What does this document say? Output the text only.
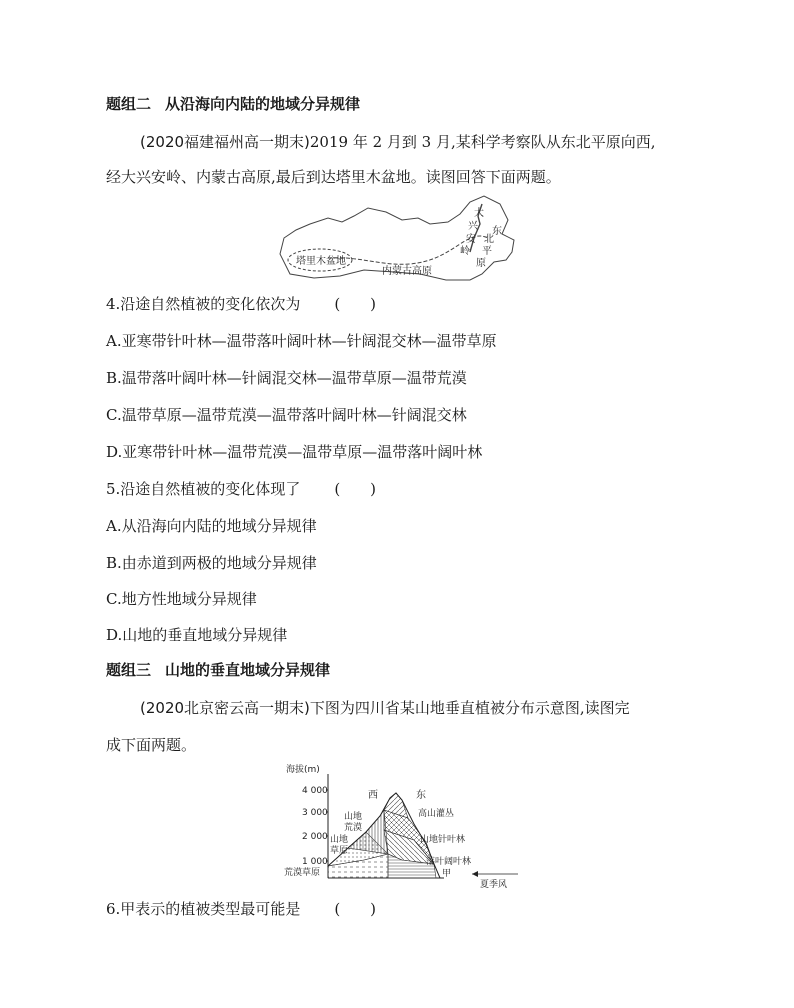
题组二 从沿海向内陆的地域分异规律
(2020福建福州高一期末)2019 年 2 月到 3 月,某科学考察队从东北平原向西,
经大兴安岭、内蒙古高原,最后到达塔里木盆地。读图回答下面两题。
塔里木盆地
内蒙古高原
大
兴
安
岭
东
北
平
原
4.沿途自然植被的变化依次为 (　　)
A.亚寒带针叶林—温带落叶阔叶林—针阔混交林—温带草原
B.温带落叶阔叶林—针阔混交林—温带草原—温带荒漠
C.温带草原—温带荒漠—温带落叶阔叶林—针阔混交林
D.亚寒带针叶林—温带荒漠—温带草原—温带落叶阔叶林
5.沿途自然植被的变化体现了 (　　)
A.从沿海向内陆的地域分异规律
B.由赤道到两极的地域分异规律
C.地方性地域分异规律
D.山地的垂直地域分异规律
题组三 山地的垂直地域分异规律
(2020北京密云高一期末)下图为四川省某山地垂直植被分布示意图,读图完
成下面两题。
海拔(m)
4 000
3 000
2 000
1 000
西	东
山地
荒漠
山地
草原
荒漠草原
高山灌丛
山地针叶林
落叶阔叶林
甲
夏季风
6.甲表示的植被类型最可能是 (　　)
